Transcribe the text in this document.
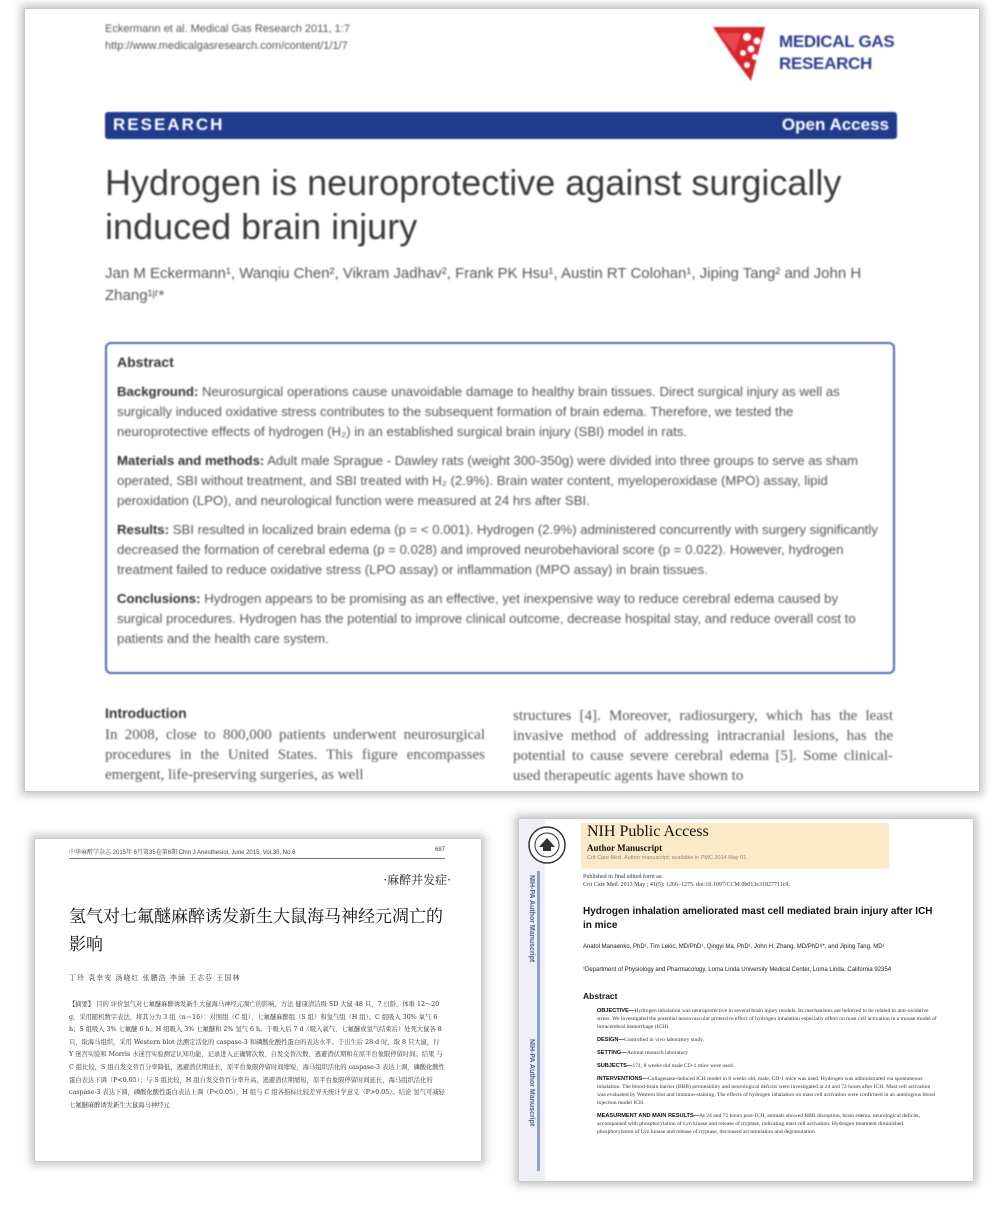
Eckermann et al. Medical Gas Research 2011, 1:7
http://www.medicalgasresearch.com/content/1/1/7	MEDICAL GAS
RESEARCH
RESEARCH	Open Access
Hydrogen is neuroprotective against surgically induced brain injury
Jan M Eckermann¹, Wanqiu Chen², Vikram Jadhav², Frank PK Hsu¹, Austin RT Colohan¹, Jiping Tang² and John H Zhang¹ʲʳ*
Abstract

Background: Neurosurgical operations cause unavoidable damage to healthy brain tissues. Direct surgical injury as well as surgically induced oxidative stress contributes to the subsequent formation of brain edema. Therefore, we tested the neuroprotective effects of hydrogen (H₂) in an established surgical brain injury (SBI) model in rats.

Materials and methods: Adult male Sprague - Dawley rats (weight 300-350g) were divided into three groups to serve as sham operated, SBI without treatment, and SBI treated with H₂ (2.9%). Brain water content, myeloperoxidase (MPO) assay, lipid peroxidation (LPO), and neurological function were measured at 24 hrs after SBI.

Results: SBI resulted in localized brain edema (p = < 0.001). Hydrogen (2.9%) administered concurrently with surgery significantly decreased the formation of cerebral edema (p = 0.028) and improved neurobehavioral score (p = 0.022). However, hydrogen treatment failed to reduce oxidative stress (LPO assay) or inflammation (MPO assay) in brain tissues.

Conclusions: Hydrogen appears to be promising as an effective, yet inexpensive way to reduce cerebral edema caused by surgical procedures. Hydrogen has the potential to improve clinical outcome, decrease hospital stay, and reduce overall cost to patients and the health care system.

Introduction
In 2008, close to 800,000 patients underwent neurosurgical procedures in the United States. This figure encompasses emergent, life-preserving surgeries, as well
structures [4]. Moreover, radiosurgery, which has the least invasive method of addressing intracranial lesions, has the potential to cause severe cerebral edema [5]. Some clinical-used therapeutic agents have shown to
中华麻醉学杂志 2015年 6月第35卷第6期 Chin J Anesthesiol, June 2015, Vol.35, No.6	687
·麻醉并发症·
氢气对七氟醚麻醉诱发新生大鼠海马神经元凋亡的影响
丁玲 袁幸安 汤晓红 张鹏浩 李涵 王志芬 王国林
【摘要】 目的 评价氢气对七氟醚麻醉诱发新生大鼠海马神经元凋亡的影响。方法 健康清洁级 SD 大鼠 48 只，7 日龄，体重 12～20 g，采用随机数字表法，将其分为 3 组（n＝16）：对照组（C 组）、七氟醚麻醉组（S 组）和氢气组（H 组）。C 组吸入 30% 氧气 6 h；S 组吸入 3% 七氟醚 6 h；H 组吸入 3% 七氟醚和 2% 氢气 6 h。于吸入后 7 d（吸入氧气、七氟醚或氢气结束后）处死大鼠各 8 只，取海马组织，采用 Western blot 法测定活化的 caspase-3 和磷酸化酸性蛋白的表达水平。于出生后 28 d 时，取 8 只大鼠，行 Y 迷宫实验和 Morris 水迷宫实验测定认知功能，记录进入正确臂次数、自发交替次数、逃避潜伏期和在原平台象限停留时间。结果 与 C 组比较，S 组自发交替百分率降低，逃避潜伏期延长，原平台象限停留时间缩短，海马组织活化的 caspase-3 表达上调，磷酸化酸性蛋白表达下调（P<0.05）；与 S 组比较，H 组自发交替百分率升高，逃避潜伏期缩短，原平台象限停留时间延长，海马组织活化的 caspase-3 表达下调，磷酸化酸性蛋白表达上调（P<0.05），H 组与 C 组各指标比较差异无统计学意义（P>0.05）。结论 氢气可减轻七氟醚麻醉诱发新生大鼠海马神经元
NIH-PA Author Manuscript
NIH-PA Author Manuscript
NIH Public Access
Author Manuscript
Crit Care Med. Author manuscript; available in PMC 2014 May 01.
Published in final edited form as:
Crit Care Med. 2013 May ; 41(5): 1266–1275. doi:10.1097/CCM.0b013e31827711c9.
Hydrogen inhalation ameliorated mast cell mediated brain injury after ICH in mice
Anatol Manaenko, PhD¹, Tim Lekic, MD/PhD¹, Qingyi Ma, PhD¹, John H. Zhang, MD/PhD¹ʲ*, and Jiping Tang, MD¹
¹Department of Physiology and Pharmacology, Loma Linda University Medical Center, Loma Linda, California 92354
Abstract

OBJECTIVE—Hydrogen inhalation was neuroprotective in several brain injury models. Its mechanisms are believed to be related to anti-oxidative stress. We investigated the potential neurovascular protective effect of hydrogen inhalation especially effect on mast cell activation in a mouse model of intracerebral hemorrhage (ICH).

DESIGN—Controlled in vivo laboratory study.

SETTING—Animal research laboratory

SUBJECTS—171, 8 weeks old male CD-1 mice were used.

INTERVENTIONS—Collagenase-induced ICH model in 8 weeks old, male, CD-1 mice was used. Hydrogen was administrated via spontaneous inhalation. The blood-brain barrier (BBB) permeability and neurological deficits were investigated at 24 and 72 hours after ICH. Mast cell activation was evaluated by Western blot and immuno-staining. The effects of hydrogen inhalation on mast cell activation were confirmed in an autologous blood injection model ICH.

MEASURMENT AND MAIN RESULTS—At 24 and 72 hours post-ICH, animals showed BBB disruption, brain edema, neurological deficits, accompanied with phosphorylation of Lyn kinase and release of tryptase, indicating mast cell activation. Hydrogen treatment diminished phosphorylation of Lyn kinase and release of tryptase, decreased accumulation and degranulation
